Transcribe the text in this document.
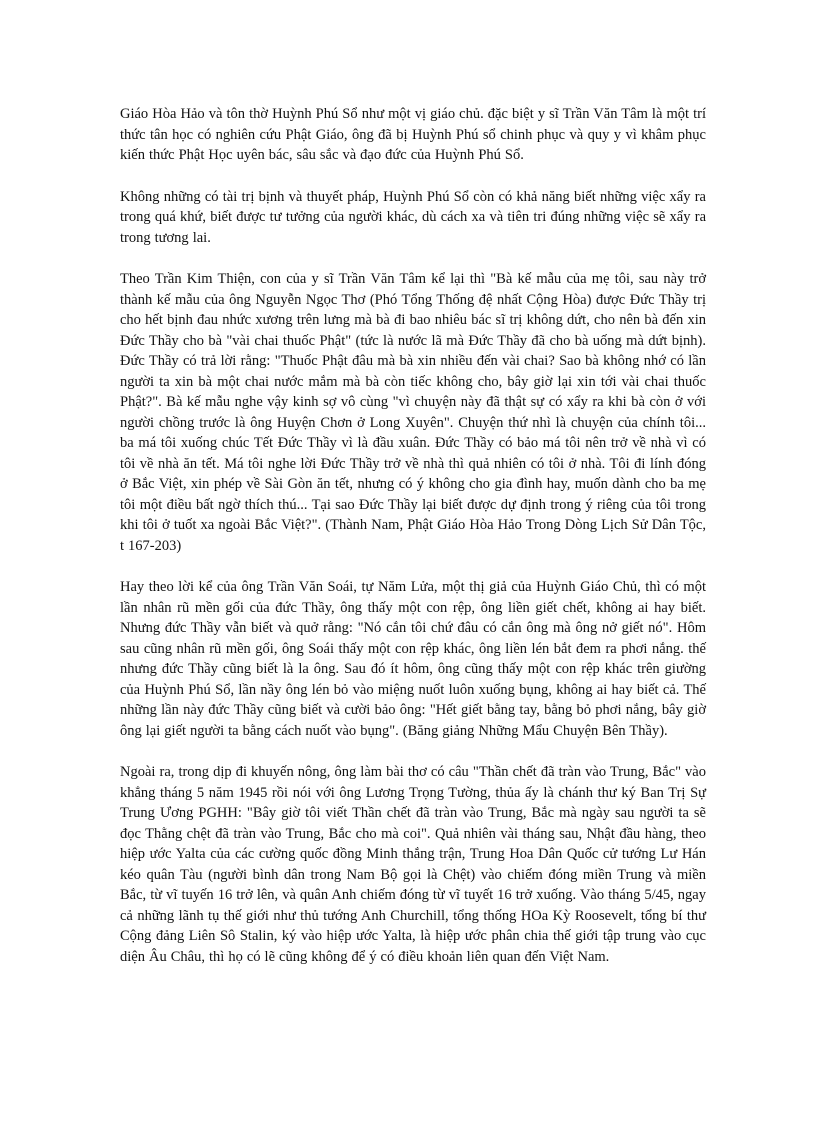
Giáo Hòa Hảo và tôn thờ Huỳnh Phú Sổ như một vị giáo chủ. đặc biệt y sĩ Trần Văn Tâm là một trí thức tân học có nghiên cứu Phật Giáo, ông đã bị Huỳnh Phú sổ chinh phục và quy y vì khâm phục kiến thức Phật Học uyên bác, sâu sắc và đạo đức của Huỳnh Phú Sổ.

Không những có tài trị bịnh và thuyết pháp, Huỳnh Phú Sổ còn có khả năng biết những việc xẩy ra trong quá khứ, biết được tư tưởng của người khác, dù cách xa và tiên tri đúng những việc sẽ xẩy ra trong tương lai.

Theo Trần Kim Thiện, con của y sĩ Trần Văn Tâm kể lại thì "Bà kế mẫu của mẹ tôi, sau này trở thành kế mẫu của ông Nguyễn Ngọc Thơ (Phó Tổng Thống đệ nhất Cộng Hòa) được Đức Thầy trị cho hết bịnh đau nhức xương trên lưng mà bà đi bao nhiêu bác sĩ trị không dứt, cho nên bà đến xin Đức Thầy cho bà "vài chai thuốc Phật" (tức là nước lã mà Đức Thầy đã cho bà uống mà dứt bịnh). Đức Thầy có trả lời rằng: "Thuốc Phật đâu mà bà xin nhiều đến vài chai? Sao bà không nhớ có lần người ta xin bà một chai nước mắm mà bà còn tiếc không cho, bây giờ lại xin tới vài chai thuốc Phật?". Bà kế mẫu nghe vậy kinh sợ vô cùng "vì chuyện này đã thật sự có xẩy ra khi bà còn ở với người chồng trước là ông Huyện Chơn ở Long Xuyên". Chuyện thứ nhì là chuyện của chính tôi... ba má tôi xuống chúc Tết Đức Thầy vì là đầu xuân. Đức Thầy có bảo má tôi nên trở về nhà vì có tôi về nhà ăn tết. Má tôi nghe lời Đức Thầy trở về nhà thì quả nhiên có tôi ở nhà. Tôi đi lính đóng ở Bắc Việt, xin phép về Sài Gòn ăn tết, nhưng có ý không cho gia đình hay, muốn dành cho ba mẹ tôi một điều bất ngờ thích thú... Tại sao Đức Thầy lại biết được dự định trong ý riêng của tôi trong khi tôi ở tuốt xa ngoài Bắc Việt?". (Thành Nam, Phật Giáo Hòa Hảo Trong Dòng Lịch Sử Dân Tộc, t 167-203)

Hay theo lời kể của ông Trần Văn Soái, tự Năm Lửa, một thị giả của Huỳnh Giáo Chủ, thì có một lần nhân rũ mền gối của đức Thầy, ông thấy một con rệp, ông liền giết chết, không ai hay biết. Nhưng đức Thầy vẫn biết và quở rằng: "Nó cắn tôi chứ đâu có cắn ông mà ông nở giết nó". Hôm sau cũng nhân rũ mền gối, ông Soái thấy một con rệp khác, ông liền lén bắt đem ra phơi nắng. thế nhưng đức Thầy cũng biết là la ông. Sau đó ít hôm, ông cũng thấy một con rệp khác trên giường của Huỳnh Phú Sổ, lần nầy ông lén bỏ vào miệng nuốt luôn xuống bụng, không ai hay biết cả. Thế những lần này đức Thầy cũng biết và cười bảo ông: "Hết giết bằng tay, bằng bỏ phơi nắng, bây giờ ông lại giết người ta bằng cách nuốt vào bụng". (Băng giảng Những Mẩu Chuyện Bên Thầy).

Ngoài ra, trong dịp đi khuyến nông, ông làm bài thơ có câu "Thần chết đã tràn vào Trung, Bắc" vào khẳng tháng 5 năm 1945 rồi nói với ông Lương Trọng Tường, thủa ấy là chánh thư ký Ban Trị Sự Trung Ương PGHH: "Bây giờ tôi viết Thần chết đã tràn vào Trung, Bắc mà ngày sau người ta sẽ đọc Thằng chệt đã tràn vào Trung, Bắc cho mà coi". Quả nhiên vài tháng sau, Nhật đầu hàng, theo hiệp ước Yalta của các cường quốc đồng Minh thắng trận, Trung Hoa Dân Quốc cử tướng Lư Hán kéo quân Tàu (người bình dân trong Nam Bộ gọi là Chệt) vào chiếm đóng miền Trung và miền Bắc, từ vĩ tuyến 16 trở lên, và quân Anh chiếm đóng từ vĩ tuyết 16 trở xuống. Vào tháng 5/45, ngay cả những lãnh tụ thế giới như thủ tướng Anh Churchill, tổng thống HOa Kỳ Roosevelt, tổng bí thư Cộng đảng Liên Sô Stalin, ký vào hiệp ước Yalta, là hiệp ước phân chia thế giới tập trung vào cục diện Âu Châu, thì họ có lẽ cũng không để ý có điều khoản liên quan đến Việt Nam.
